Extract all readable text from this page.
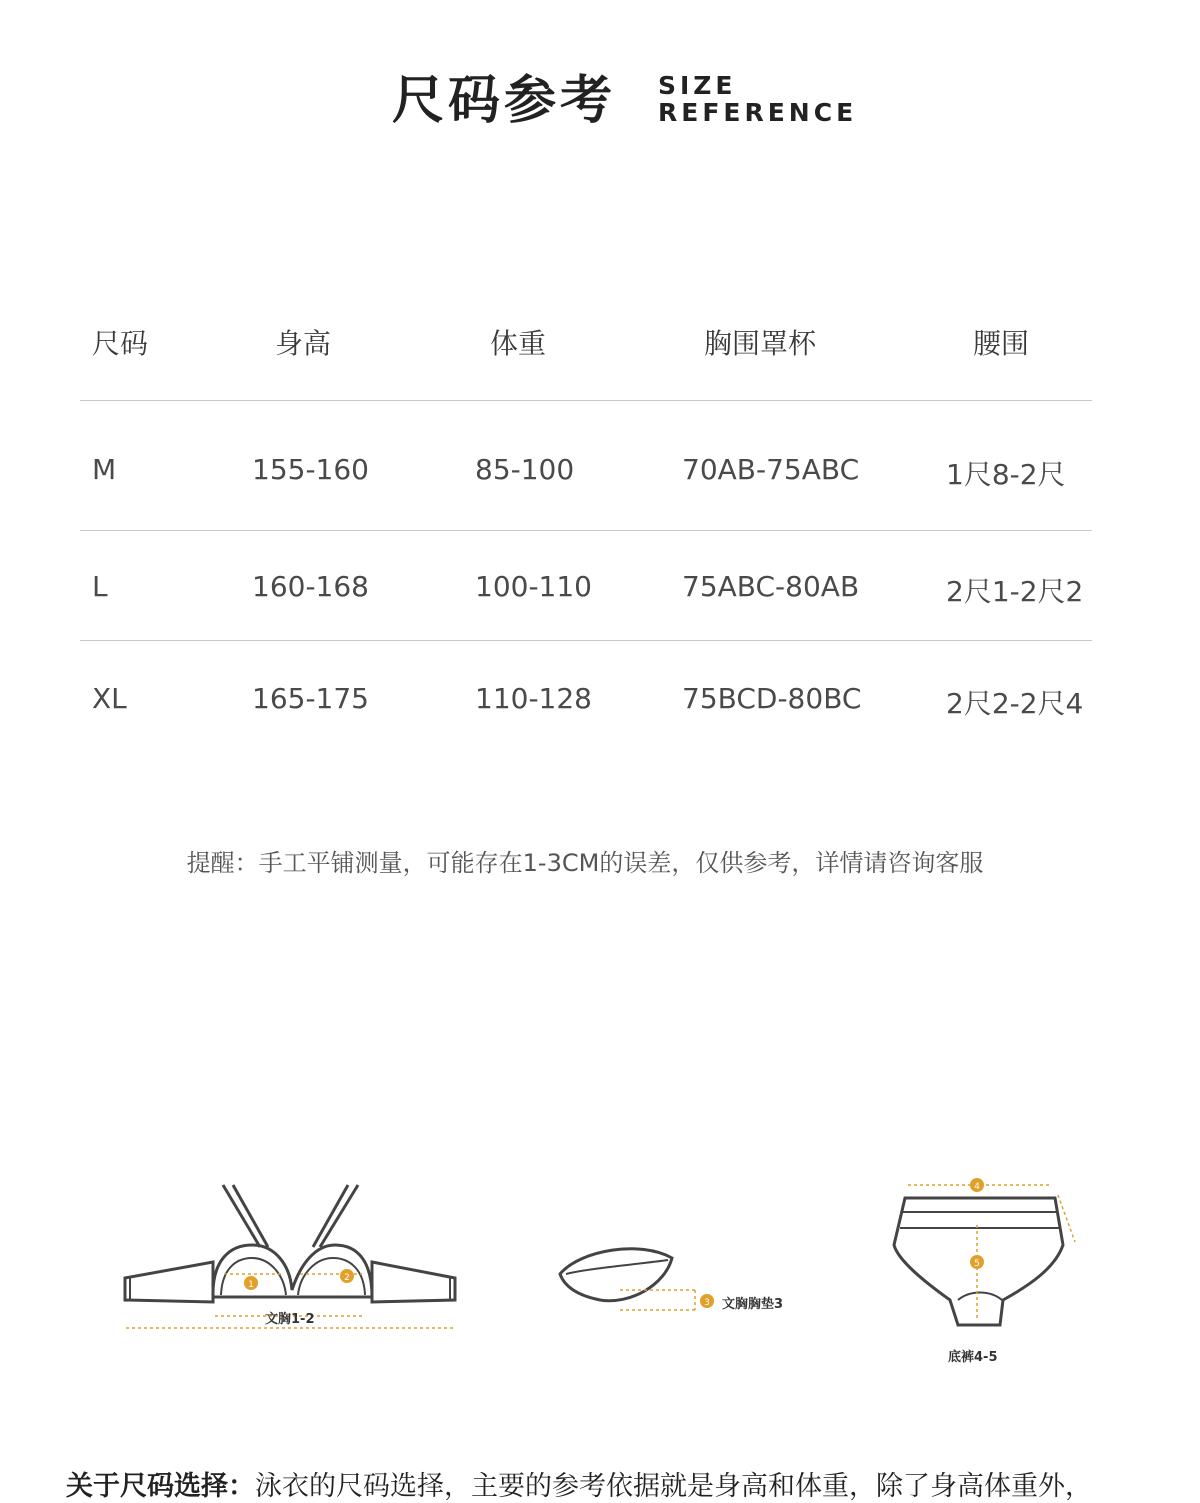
尺码参考 SIZE
REFERENCE
尺码	身高	体重	胸围罩杯	腰围
M	155-160	85-100	70AB-75ABC	1尺8-2尺
L	160-168	100-110	75ABC-80AB	2尺1-2尺2
XL	165-175	110-128	75BCD-80BC	2尺2-2尺4
提醒：手工平铺测量，可能存在1-3CM的误差，仅供参考，详情请咨询客服
1
2
3
4
5
文胸1-2
文胸胸垫3
底裤4-5
关于尺码选择：泳衣的尺码选择，主要的参考依据就是身高和体重，除了身高体重外，
